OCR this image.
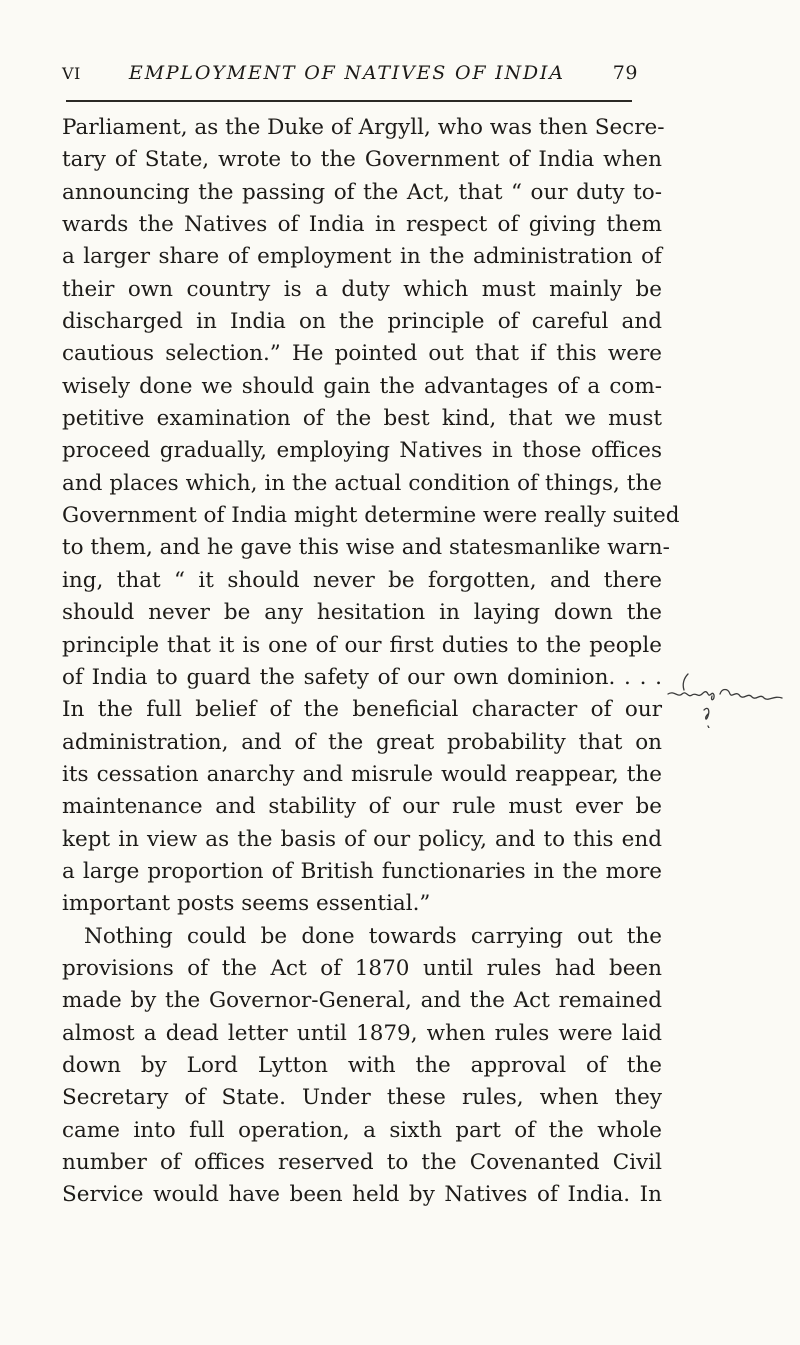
VI	EMPLOYMENT OF NATIVES OF INDIA	79
Parliament, as the Duke of Argyll, who was then Secre-
tary of State, wrote to the Government of India when
announcing the passing of the Act, that “ our duty to-
wards the Natives of India in respect of giving them
a larger share of employment in the administration of
their own country is a duty which must mainly be
discharged in India on the principle of careful and
cautious selection.” He pointed out that if this were
wisely done we should gain the advantages of a com-
petitive examination of the best kind, that we must
proceed gradually, employing Natives in those offices
and places which, in the actual condition of things, the
Government of India might determine were really suited
to them, and he gave this wise and statesmanlike warn-
ing, that “ it should never be forgotten, and there
should never be any hesitation in laying down the
principle that it is one of our first duties to the people
of India to guard the safety of our own dominion. . . .
In the full belief of the beneficial character of our
administration, and of the great probability that on
its cessation anarchy and misrule would reappear, the
maintenance and stability of our rule must ever be
kept in view as the basis of our policy, and to this end
a large proportion of British functionaries in the more
important posts seems essential.”
Nothing could be done towards carrying out the
provisions of the Act of 1870 until rules had been
made by the Governor-General, and the Act remained
almost a dead letter until 1879, when rules were laid
down by Lord Lytton with the approval of the
Secretary of State. Under these rules, when they
came into full operation, a sixth part of the whole
number of offices reserved to the Covenanted Civil
Service would have been held by Natives of India. In
